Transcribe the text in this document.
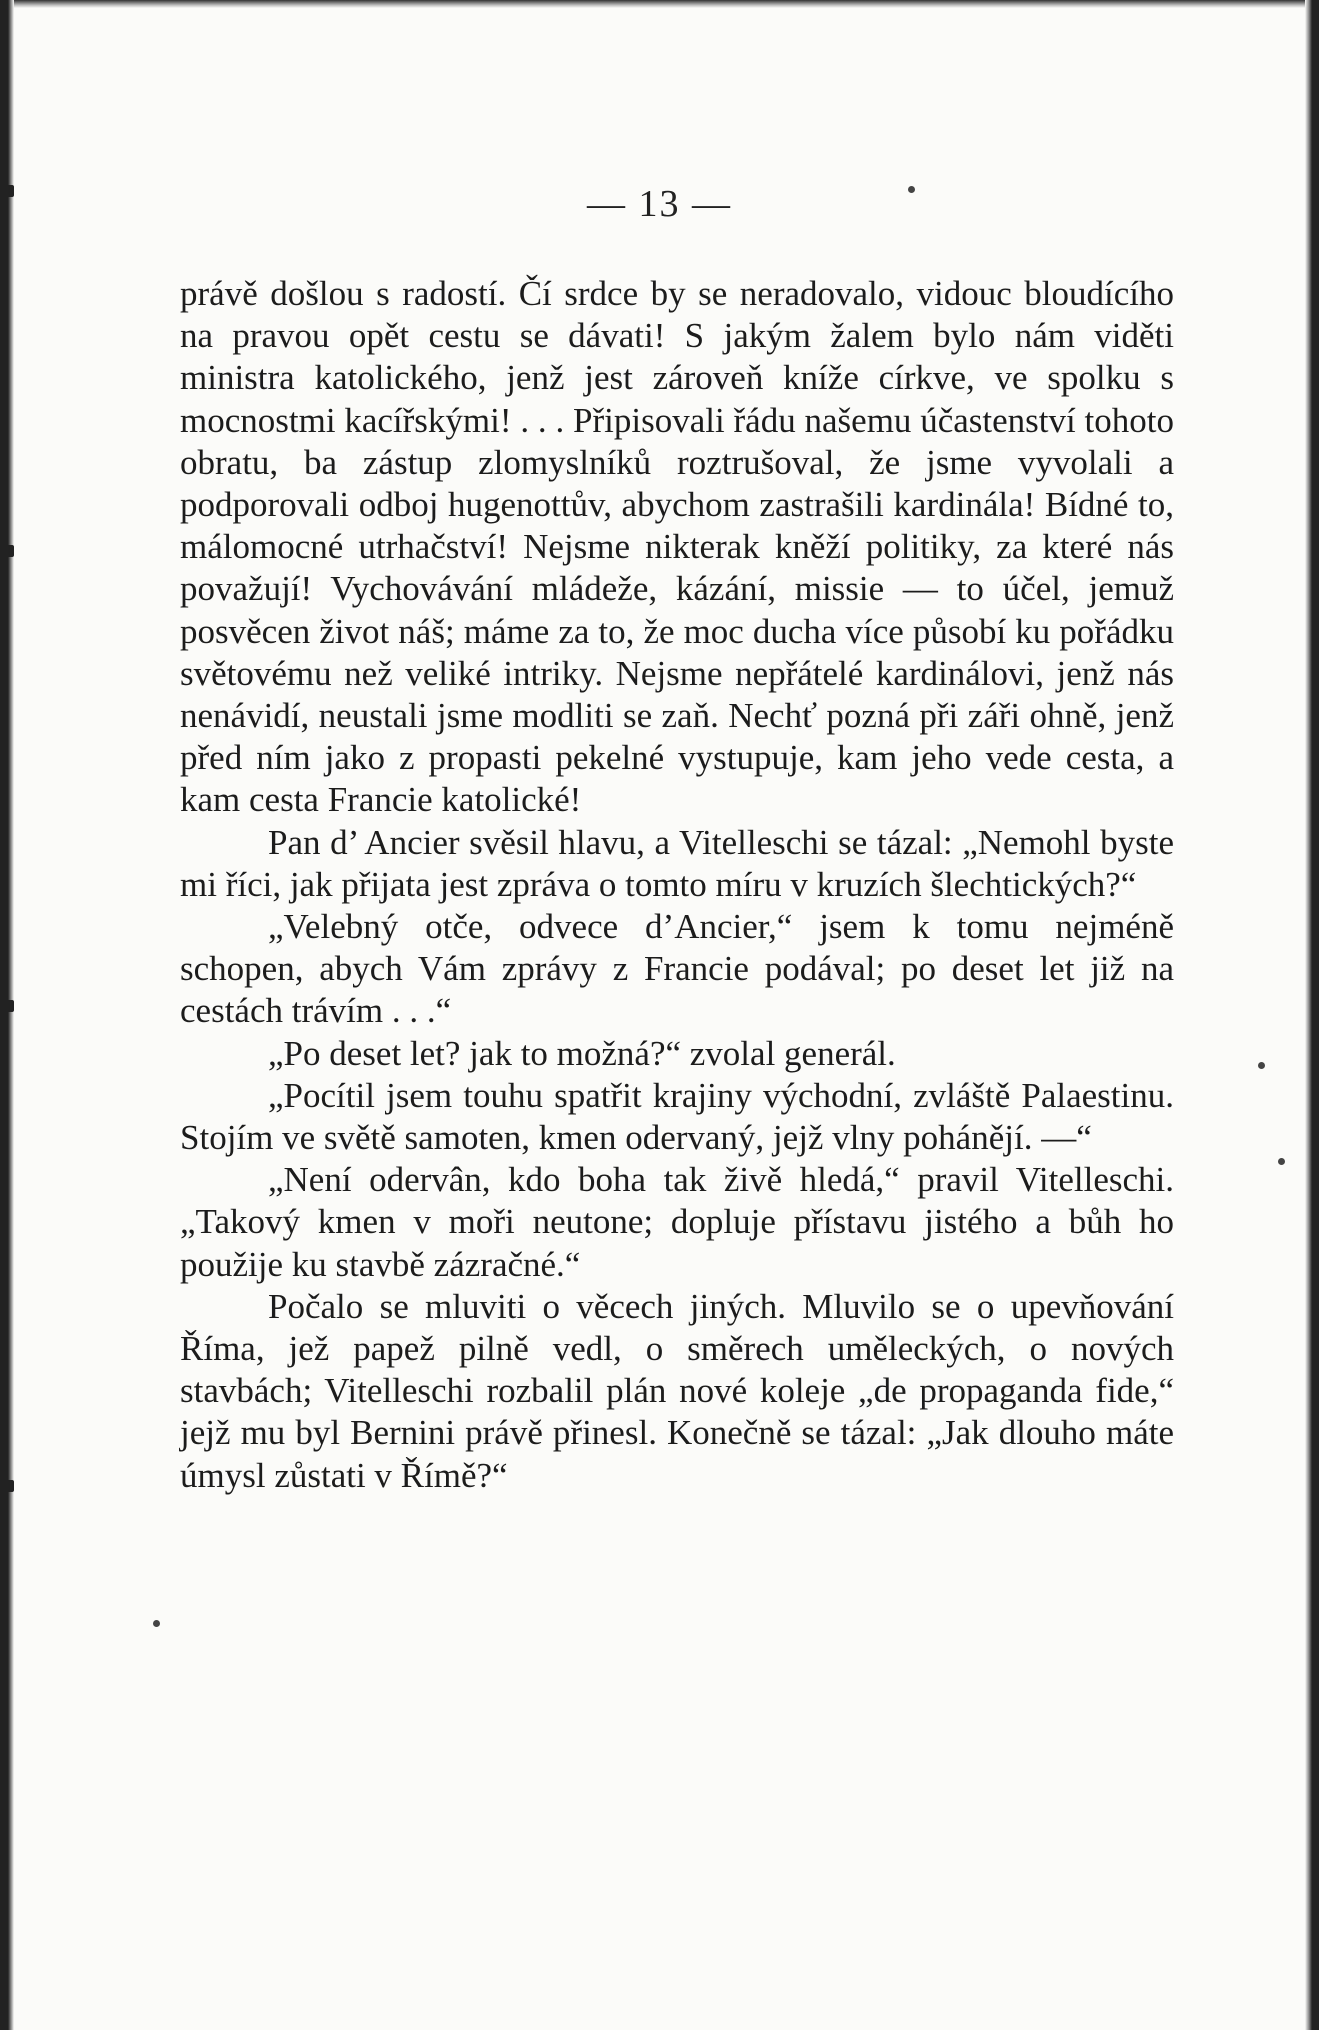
— 13 —

právě došlou s radostí. Čí srdce by se neradovalo, vidouc bloudícího na pravou opět cestu se dávati! S jakým žalem bylo nám viděti ministra katolického, jenž jest zároveň kníže církve, ve spolku s mocnostmi kacířskými! . . . Připisovali řádu našemu účastenství tohoto obratu, ba zástup zlomyslníků roztrušoval, že jsme vyvolali a podporovali odboj hugenottův, abychom zastrašili kardinála! Bídné to, málomocné utrhačství! Nejsme nikterak kněží politiky, za které nás považují! Vychovávání mládeže, kázání, missie — to účel, jemuž posvěcen život náš; máme za to, že moc ducha více působí ku pořádku světovému než veliké intriky. Nejsme nepřátelé kardinálovi, jenž nás nenávidí, neustali jsme modliti se zaň. Nechť pozná při záři ohně, jenž před ním jako z propasti pekelné vystupuje, kam jeho vede cesta, a kam cesta Francie katolické!

Pan d’ Ancier svěsil hlavu, a Vitelleschi se tázal: „Nemohl byste mi říci, jak přijata jest zpráva o tomto míru v kruzích šlechtických?“

„Velebný otče, odvece d’Ancier,“ jsem k tomu nejméně schopen, abych Vám zprávy z Francie podával; po deset let již na cestách trávím . . .“

„Po deset let? jak to možná?“ zvolal generál.

„Pocítil jsem touhu spatřit krajiny východní, zvláště Palaestinu. Stojím ve světě samoten, kmen odervaný, jejž vlny pohánějí. —“

„Není odervân, kdo boha tak živě hledá,“ pravil Vitelleschi. „Takový kmen v moři neutone; dopluje přístavu jistého a bůh ho použije ku stavbě zázračné.“

Počalo se mluviti o věcech jiných. Mluvilo se o upevňování Říma, jež papež pilně vedl, o směrech uměleckých, o nových stavbách; Vitelleschi rozbalil plán nové koleje „de propaganda fide,“ jejž mu byl Bernini právě přinesl. Konečně se tázal: „Jak dlouho máte úmysl zůstati v Římě?“
